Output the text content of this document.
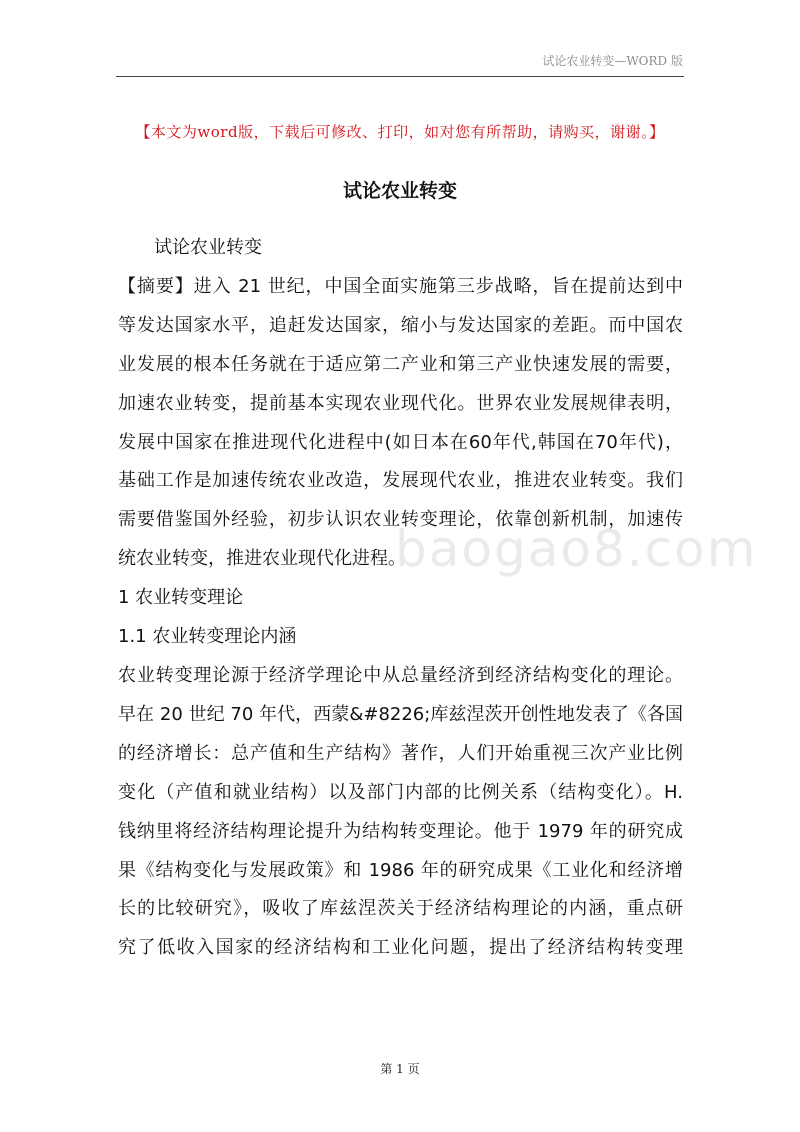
试论农业转变—WORD 版
【本文为word版，下载后可修改、打印，如对您有所帮助，请购买，谢谢。】
试论农业转变

试论农业转变

【摘要】进入 21 世纪，中国全面实施第三步战略，旨在提前达到中

等发达国家水平，追赶发达国家，缩小与发达国家的差距。而中国农

业发展的根本任务就在于适应第二产业和第三产业快速发展的需要，

加速农业转变，提前基本实现农业现代化。世界农业发展规律表明，

发展中国家在推进现代化进程中(如日本在60年代,韩国在70年代)，

基础工作是加速传统农业改造，发展现代农业，推进农业转变。我们

需要借鉴国外经验，初步认识农业转变理论，依靠创新机制，加速传

统农业转变，推进农业现代化进程。

1 农业转变理论

1.1 农业转变理论内涵

农业转变理论源于经济学理论中从总量经济到经济结构变化的理论。

早在 20 世纪 70 年代，西蒙&#8226;库兹涅茨开创性地发表了《各国

的经济增长：总产值和生产结构》著作，人们开始重视三次产业比例

变化（产值和就业结构）以及部门内部的比例关系（结构变化）。H.

钱纳里将经济结构理论提升为结构转变理论。他于 1979 年的研究成

果《结构变化与发展政策》和 1986 年的研究成果《工业化和经济增

长的比较研究》，吸收了库兹涅茨关于经济结构理论的内涵，重点研

究了低收入国家的经济结构和工业化问题，提出了经济结构转变理

baogao8.com
第 1 页
